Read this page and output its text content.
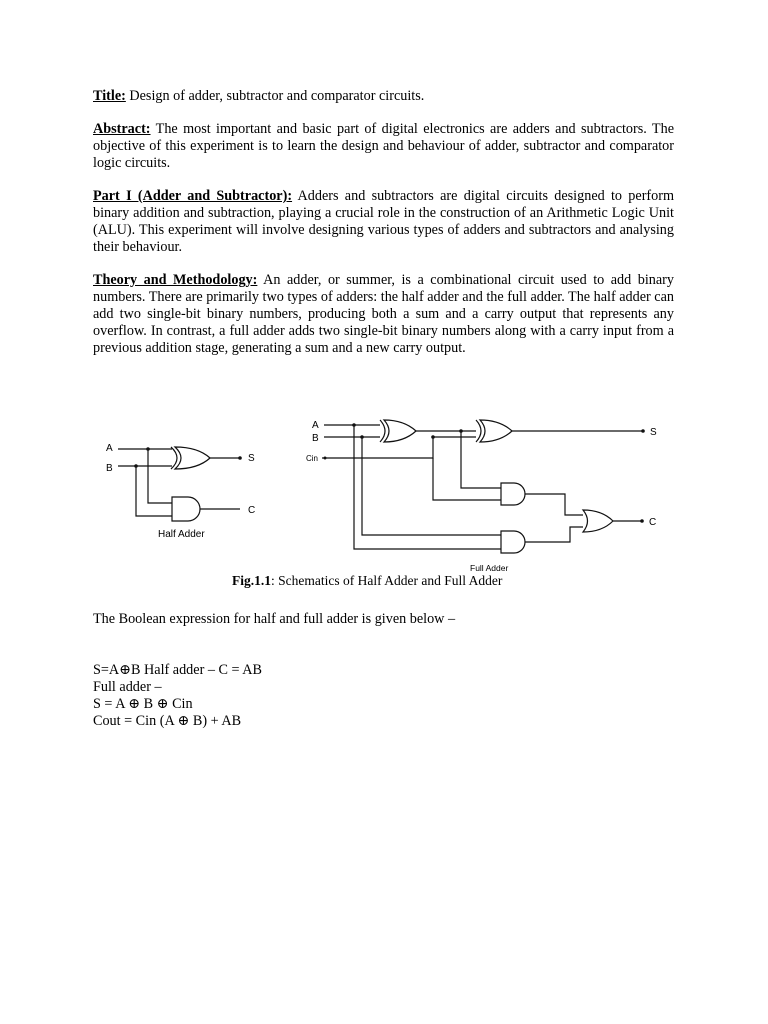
Title: Design of adder, subtractor and comparator circuits.

Abstract: The most important and basic part of digital electronics are adders and subtractors. The objective of this experiment is to learn the design and behaviour of adder, subtractor and comparator logic circuits.

Part I (Adder and Subtractor): Adders and subtractors are digital circuits designed to perform binary addition and subtraction, playing a crucial role in the construction of an Arithmetic Logic Unit (ALU). This experiment will involve designing various types of adders and subtractors and analysing their behaviour.

Theory and Methodology: An adder, or summer, is a combinational circuit used to add binary numbers. There are primarily two types of adders: the half adder and the full adder. The half adder can add two single-bit binary numbers, producing both a sum and a carry output that represents any overflow. In contrast, a full adder adds two single-bit binary numbers along with a carry input from a previous addition stage, generating a sum and a new carry output.

A
B
S
C
Half Adder
A
B
Cin
S
C
Full Adder
Fig.1.1: Schematics of Half Adder and Full Adder

The Boolean expression for half and full adder is given below –

S=A⊕B Half adder – C = AB

Full adder –

S = A ⊕ B ⊕ Cin

Cout = Cin (A ⊕ B) + AB
